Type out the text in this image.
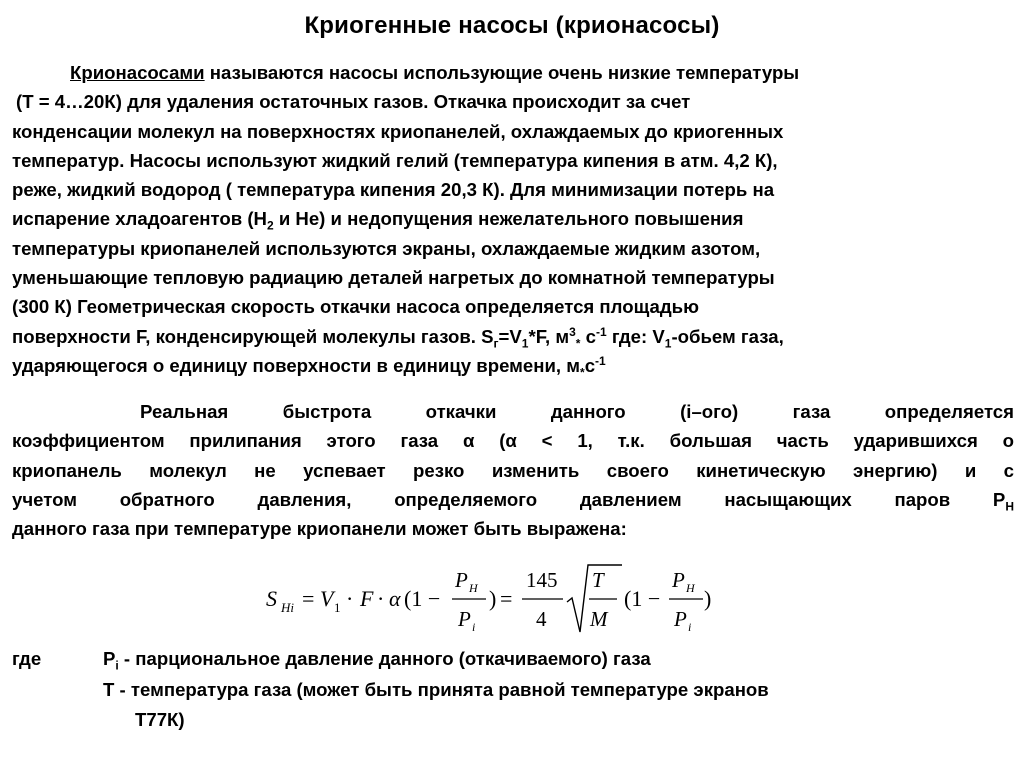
Криогенные насосы (крионасосы)
Крионасосами называются насосы использующие очень низкие температуры
(Т = 4…20К) для удаления остаточных газов. Откачка происходит за счет
конденсации молекул на поверхностях криопанелей, охлаждаемых до криогенных
температур. Насосы используют жидкий гелий (температура кипения в атм. 4,2 К),
реже, жидкий водород ( температура кипения 20,3 К). Для минимизации потерь на
испарение хладоагентов ($H_2$ и He) и недопущения нежелательного повышения
температуры криопанелей используются экраны, охлаждаемые жидким азотом,
уменьшающие тепловую радиацию деталей нагретых до комнатной температуры
(300 К) Геометрическая скорость откачки насоса определяется площадью
поверхности F, конденсирующей молекулы газов. $S_г=V_1*F$, $м^3_*$ $с^{-1}$ где: $V_1$-обьем газа,
ударяющегося о единицу поверхности в единицу времени, $м_*с^{-1}$
Реальная быстрота откачки данного (i–ого) газа определяется
коэффициентом прилипания этого газа α (α < 1, т.к. большая часть ударившихся о
криопанель молекул не успевает резко изменить своего кинетическую энергию) и с
учетом обратного давления, определяемого давлением насыщающих паров $P_Н$
данного газа при температуре криопанели может быть выражена:
S Hi = V 1 · F · α (1 −
P H
P i
) =
145
4
T
M
(1 −
P H
P i
)
где	$P_i$ - парциональное давление данного (откачиваемого) газа
Т - температура газа (может быть принята равной температуре экранов
Т77К)
